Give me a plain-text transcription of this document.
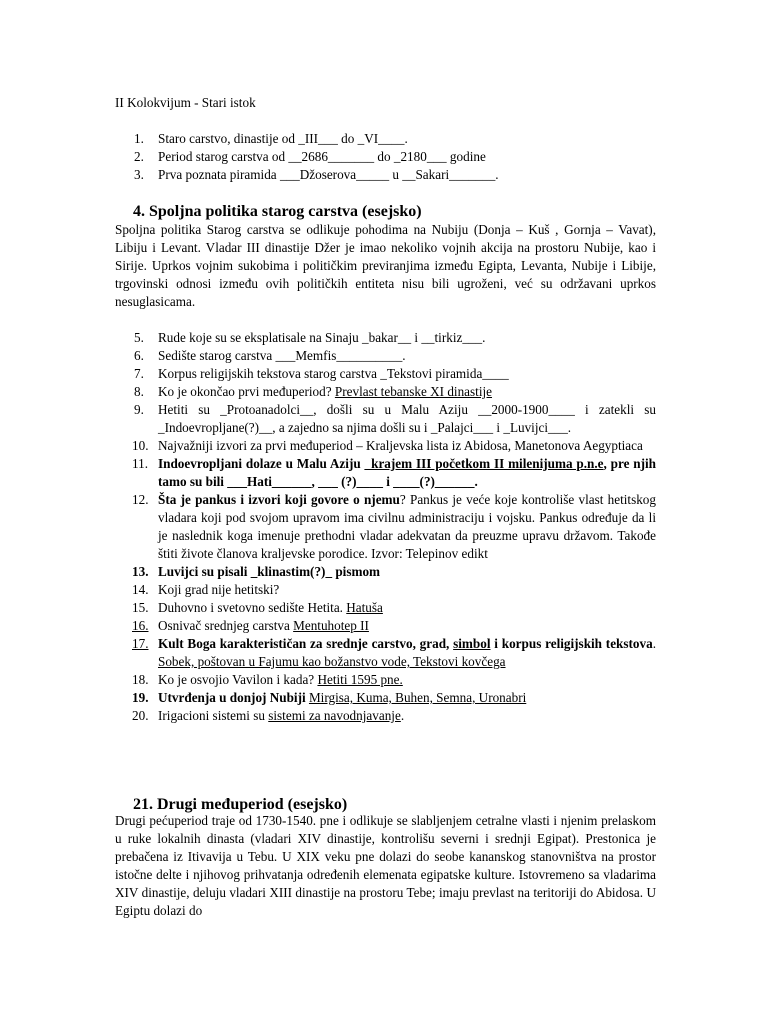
II Kolokvijum - Stari istok
1. Staro carstvo, dinastije od _III___ do _VI____.
2. Period starog carstva od __2686_______ do _2180___ godine
3. Prva poznata piramida ___Džoserova_____ u __Sakari_______.
4. Spoljna politika starog carstva (esejsko)

Spoljna politika Starog carstva se odlikuje pohodima na Nubiju (Donja – Kuš , Gornja – Vavat), Libiju i Levant. Vladar III dinastije Džer je imao nekoliko vojnih akcija na prostoru Nubije, kao i Sirije. Uprkos vojnim sukobima i političkim previranjima između Egipta, Levanta, Nubije i Libije, trgovinski odnosi između ovih političkih entiteta nisu bili ugroženi, već su održavani uprkos nesuglasicama.

5. Rude koje su se eksplatisale na Sinaju _bakar__ i __tirkiz___.
6. Sedište starog carstva ___Memfis__________.
7. Korpus religijskih tekstova starog carstva _Tekstovi piramida____
8. Ko je okončao prvi međuperiod? Prevlast tebanske XI dinastije
9. Hetiti su _Protoanadolci__, došli su u Malu Aziju __2000-1900____ i zatekli su _Indoevropljane(?)__, a zajedno sa njima došli su i _Palajci___ i _Luvijci___.
10. Najvažniji izvori za prvi međuperiod – Kraljevska lista iz Abidosa, Manetonova Aegyptiaca
11. Indoevropljani dolaze u Malu Aziju _krajem III početkom II milenijuma p.n.e, pre njih tamo su bili ___Hati______, ___ (?)____ i ____(?)______.
12. Šta je pankus i izvori koji govore o njemu? Pankus je veće koje kontroliše vlast hetitskog vladara koji pod svojom upravom ima civilnu administraciju i vojsku. Pankus određuje da li je naslednik koga imenuje prethodni vladar adekvatan da preuzme upravu državom. Takođe štiti živote članova kraljevske porodice. Izvor: Telepinov edikt
13. Luvijci su pisali _klinastim(?)_ pismom
14. Koji grad nije hetitski?
15. Duhovno i svetovno sedište Hetita. Hatuša
16. Osnivač srednjeg carstva Mentuhotep II
17. Kult Boga karakterističan za srednje carstvo, grad, simbol i korpus religijskih tekstova. Sobek, poštovan u Fajumu kao božanstvo vode, Tekstovi kovčega
18. Ko je osvojio Vavilon i kada? Hetiti 1595 pne.
19. Utvrđenja u donjoj Nubiji Mirgisa, Kuma, Buhen, Semna, Uronabri
20. Irigacioni sistemi su sistemi za navodnjavanje.
21. Drugi međuperiod (esejsko)

Drugi pećuperiod traje od 1730-1540. pne i odlikuje se slabljenjem cetralne vlasti i njenim prelaskom u ruke lokalnih dinasta (vladari XIV dinastije, kontrolišu severni i srednji Egipat). Prestonica je prebačena iz Itivavija u Tebu. U XIX veku pne dolazi do seobe kananskog stanovništva na prostor istočne delte i njihovog prihvatanja određenih elemenata egipatske kulture. Istovremeno sa vladarima XIV dinastije, deluju vladari XIII dinastije na prostoru Tebe; imaju prevlast na teritoriji do Abidosa. U Egiptu dolazi do
